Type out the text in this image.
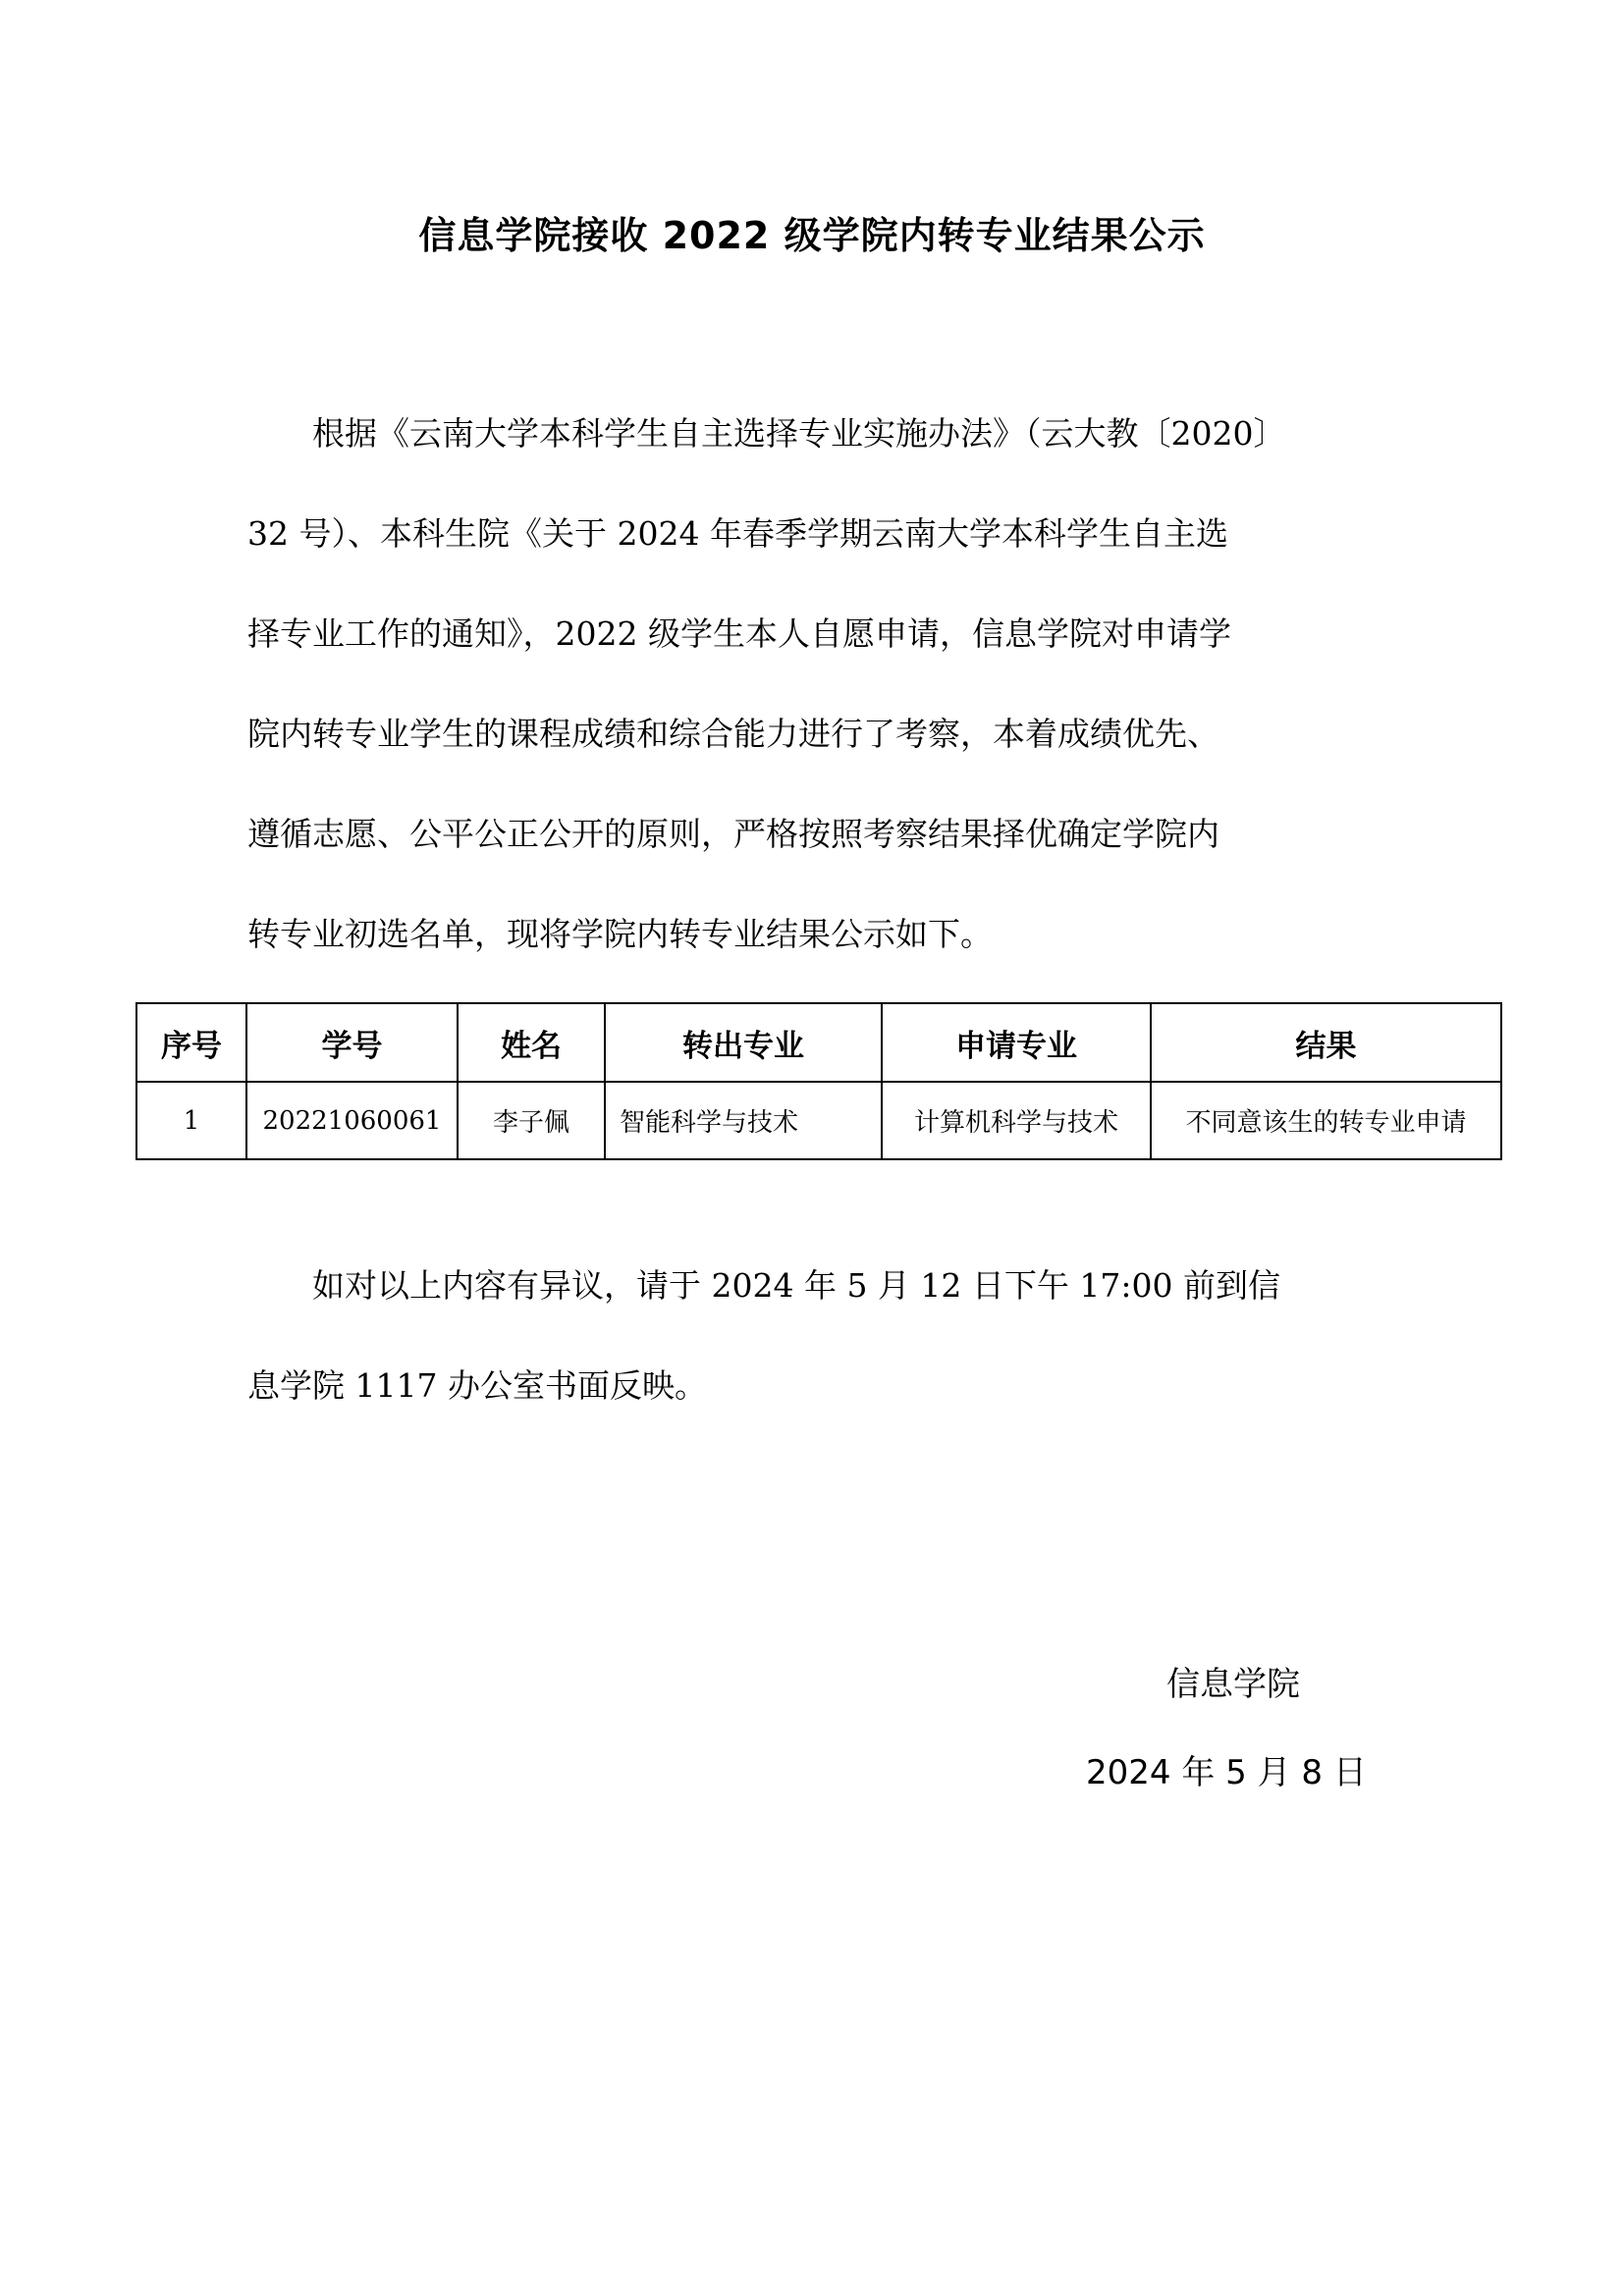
信息学院接收 2022 级学院内转专业结果公示
　　根据《云南大学本科学生自主选择专业实施办法》（云大教〔2020〕
32 号）、本科生院《关于 2024 年春季学期云南大学本科学生自主选
择专业工作的通知》，2022 级学生本人自愿申请，信息学院对申请学
院内转专业学生的课程成绩和综合能力进行了考察，本着成绩优先、
遵循志愿、公平公正公开的原则，严格按照考察结果择优确定学院内
转专业初选名单，现将学院内转专业结果公示如下。
序号	学号	姓名	转出专业	申请专业	结果
1	20221060061	李子佩	智能科学与技术	计算机科学与技术	不同意该生的转专业申请
　　如对以上内容有异议，请于 2024 年 5 月 12 日下午 17:00 前到信
息学院 1117 办公室书面反映。
信息学院
2024 年 5 月 8 日
